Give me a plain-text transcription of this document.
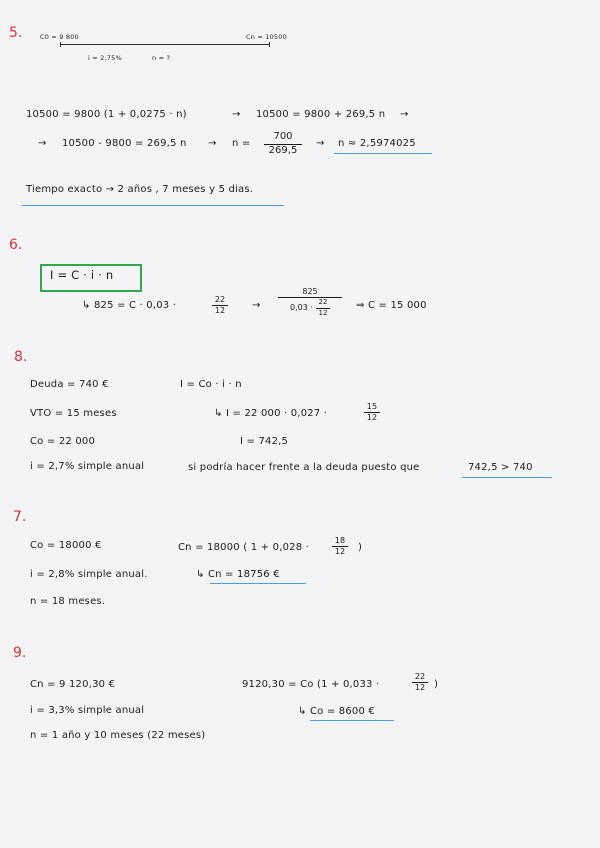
5.	C0 = 9 800	Cn = 10500
i = 2,75%	n = ?
10500 = 9800 (1 + 0,0275 · n)	→ 10500 = 9800 + 269,5 n →
→ 10500 - 9800 = 269,5 n → n =
700
269,5
→ n ≈ 2,5974025
Tiempo exacto → 2 años , 7 meses y 5 dias.
6.
I = C · i · n
↳ 825 = C · 0,03 ·
22
12	→
825
$0,03 \cdot \frac{22}{12}$	⇒ C = 15 000
8.
Deuda = 740 €
VTO = 15 meses
Co = 22 000
i = 2,7% simple anual
I = Co · i · n
↳ I = 22 000 · 0,027 ·
15
12
I = 742,5
si podría hacer frente a la deuda puesto que	742,5 > 740
7.
Co = 18000 €
i = 2,8% simple anual.
n = 18 meses.
Cn = 18000 ( 1 + 0,028 ·
18
12 )
↳ Cn = 18756 €
9.
Cn = 9 120,30 €
i = 3,3% simple anual
n = 1 año y 10 meses (22 meses)
9120,30 = Co (1 + 0,033 ·
22
12 )
↳ Co = 8600 €
